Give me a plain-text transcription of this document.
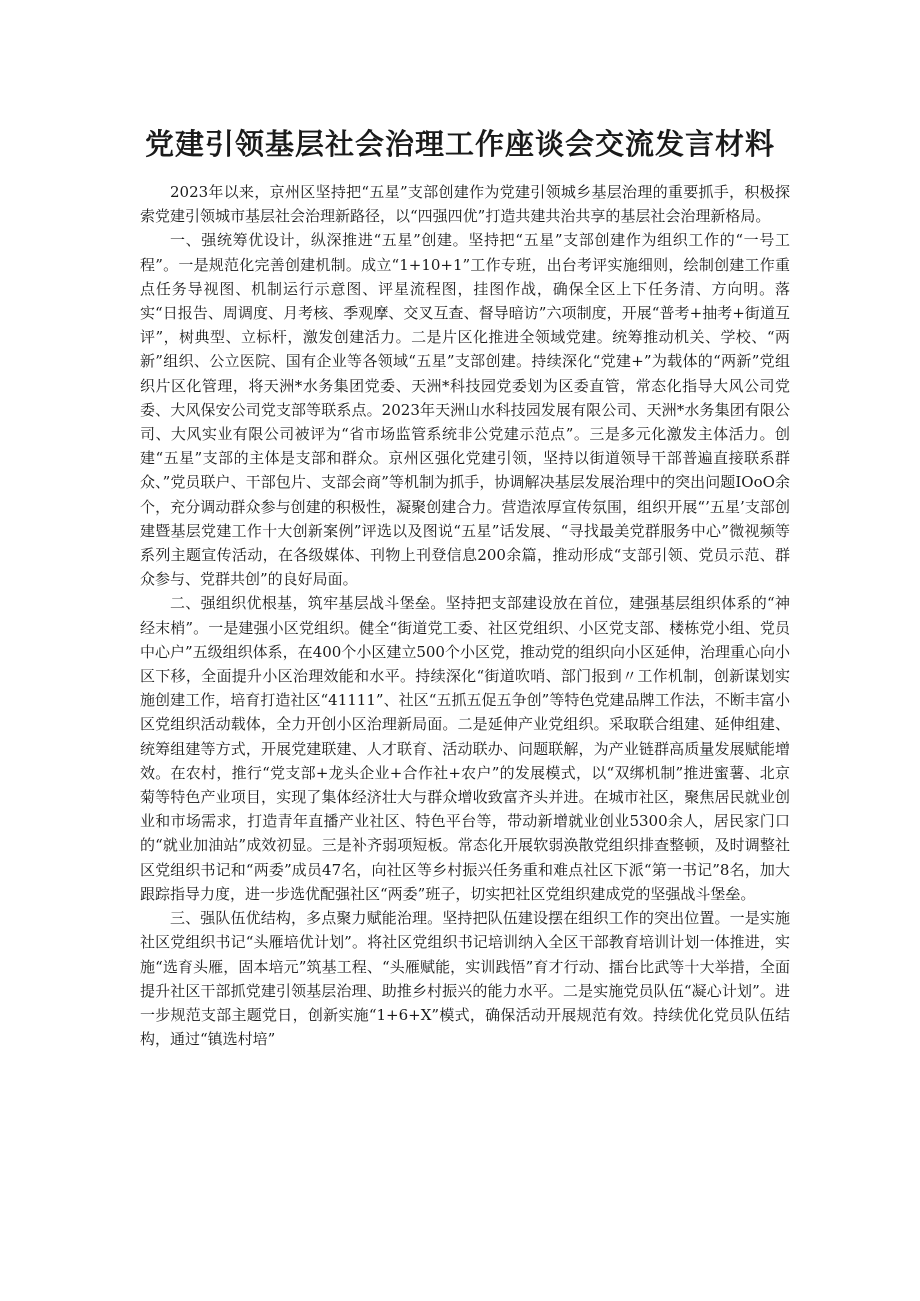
党建引领基层社会治理工作座谈会交流发言材料

2023年以来，京州区坚持把“五星”支部创建作为党建引领城乡基层治理的重要抓手，积极探索党建引领城市基层社会治理新路径，以“四强四优”打造共建共治共享的基层社会治理新格局。

一、强统筹优设计，纵深推进“五星”创建。坚持把“五星”支部创建作为组织工作的“一号工程”。一是规范化完善创建机制。成立“1+10+1”工作专班，出台考评实施细则，绘制创建工作重点任务导视图、机制运行示意图、评星流程图，挂图作战，确保全区上下任务清、方向明。落实“日报告、周调度、月考核、季观摩、交叉互查、督导暗访”六项制度，开展“普考+抽考+街道互评”，树典型、立标杆，激发创建活力。二是片区化推进全领域党建。统筹推动机关、学校、“两新”组织、公立医院、国有企业等各领域“五星”支部创建。持续深化“党建+”为载体的“两新”党组织片区化管理，将天洲*水务集团党委、天洲*科技园党委划为区委直管，常态化指导大风公司党委、大风保安公司党支部等联系点。2023年天洲山水科技园发展有限公司、天洲*水务集团有限公司、大风实业有限公司被评为“省市场监管系统非公党建示范点”。三是多元化激发主体活力。创建“五星”支部的主体是支部和群众。京州区强化党建引领，坚持以街道领导干部普遍直接联系群众、”党员联户、干部包片、支部会商”等机制为抓手，协调解决基层发展治理中的突出问题IOoO余个，充分调动群众参与创建的积极性，凝聚创建合力。营造浓厚宣传氛围，组织开展“’五星’支部创建暨基层党建工作十大创新案例”评选以及图说“五星”话发展、“寻找最美党群服务中心”微视频等系列主题宣传活动，在各级媒体、刊物上刊登信息200余篇，推动形成“支部引领、党员示范、群众参与、党群共创”的良好局面。

二、强组织优根基，筑牢基层战斗堡垒。坚持把支部建设放在首位，建强基层组织体系的“神经末梢”。一是建强小区党组织。健全“街道党工委、社区党组织、小区党支部、楼栋党小组、党员中心户”五级组织体系，在400个小区建立500个小区党，推动党的组织向小区延伸，治理重心向小区下移，全面提升小区治理效能和水平。持续深化“街道吹哨、部门报到〃工作机制，创新谋划实施创建工作，培育打造社区“41111”、社区“五抓五促五争创”等特色党建品牌工作法，不断丰富小区党组织活动载体，全力开创小区治理新局面。二是延伸产业党组织。采取联合组建、延伸组建、统筹组建等方式，开展党建联建、人才联育、活动联办、问题联解，为产业链群高质量发展赋能增效。在农村，推行“党支部+龙头企业+合作社+农户”的发展模式，以“双绑机制”推进蜜薯、北京菊等特色产业项目，实现了集体经济壮大与群众增收致富齐头并进。在城市社区，聚焦居民就业创业和市场需求，打造青年直播产业社区、特色平台等，带动新增就业创业5300余人，居民家门口的“就业加油站”成效初显。三是补齐弱项短板。常态化开展软弱涣散党组织排查整顿，及时调整社区党组织书记和“两委”成员47名，向社区等乡村振兴任务重和难点社区下派“第一书记”8名，加大跟踪指导力度，进一步选优配强社区“两委”班子，切实把社区党组织建成党的坚强战斗堡垒。

三、强队伍优结构，多点聚力赋能治理。坚持把队伍建设摆在组织工作的突出位置。一是实施社区党组织书记“头雁培优计划”。将社区党组织书记培训纳入全区干部教育培训计划一体推进，实施“选育头雁，固本培元”筑基工程、“头雁赋能，实训践悟”育才行动、擂台比武等十大举措，全面提升社区干部抓党建引领基层治理、助推乡村振兴的能力水平。二是实施党员队伍“凝心计划”。进一步规范支部主题党日，创新实施“1+6+X”模式，确保活动开展规范有效。持续优化党员队伍结构，通过“镇选村培”
